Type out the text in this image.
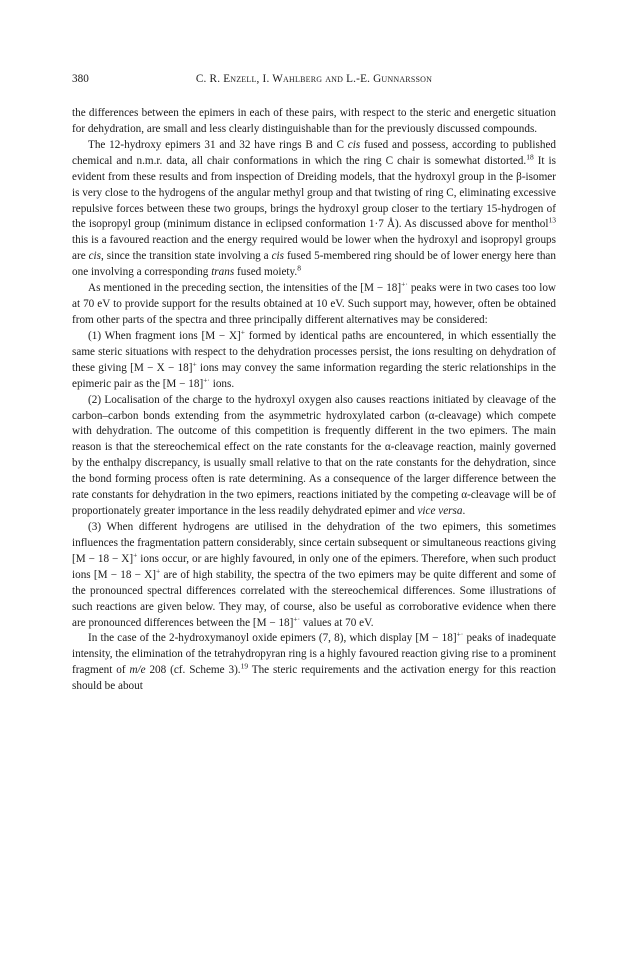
380	C. R. Enzell, I. Wahlberg and L.-E. Gunnarsson

the differences between the epimers in each of these pairs, with respect to the steric and energetic situation for dehydration, are small and less clearly distinguishable than for the previously discussed compounds.

The 12-hydroxy epimers 31 and 32 have rings B and C cis fused and possess, according to published chemical and n.m.r. data, all chair conformations in which the ring C chair is somewhat distorted.$^{18}$ It is evident from these results and from inspection of Dreiding models, that the hydroxyl group in the β-isomer is very close to the hydrogens of the angular methyl group and that twisting of ring C, eliminating excessive repulsive forces between these two groups, brings the hydroxyl group closer to the tertiary 15-hydrogen of the isopropyl group (minimum distance in eclipsed conformation 1·7 Å). As discussed above for menthol$^{13}$ this is a favoured reaction and the energy required would be lower when the hydroxyl and isopropyl groups are cis, since the transition state involving a cis fused 5-membered ring should be of lower energy here than one involving a corresponding trans fused moiety.$^8$

As mentioned in the preceding section, the intensities of the [M − 18]+· peaks were in two cases too low at 70 eV to provide support for the results obtained at 10 eV. Such support may, however, often be obtained from other parts of the spectra and three principally different alternatives may be considered:

(1) When fragment ions [M − X]+ formed by identical paths are encountered, in which essentially the same steric situations with respect to the dehydration processes persist, the ions resulting on dehydration of these giving [M − X − 18]+ ions may convey the same information regarding the steric relationships in the epimeric pair as the [M − 18]+· ions.

(2) Localisation of the charge to the hydroxyl oxygen also causes reactions initiated by cleavage of the carbon–carbon bonds extending from the asymmetric hydroxylated carbon (α-cleavage) which compete with dehydration. The outcome of this competition is frequently different in the two epimers. The main reason is that the stereochemical effect on the rate constants for the α-cleavage reaction, mainly governed by the enthalpy discrepancy, is usually small relative to that on the rate constants for the dehydration, since the bond forming process often is rate determining. As a consequence of the larger difference between the rate constants for dehydration in the two epimers, reactions initiated by the competing α-cleavage will be of proportionately greater importance in the less readily dehydrated epimer and vice versa.

(3) When different hydrogens are utilised in the dehydration of the two epimers, this sometimes influences the fragmentation pattern considerably, since certain subsequent or simultaneous reactions giving [M − 18 − X]+ ions occur, or are highly favoured, in only one of the epimers. Therefore, when such product ions [M − 18 − X]+ are of high stability, the spectra of the two epimers may be quite different and some of the pronounced spectral differences correlated with the stereochemical differences. Some illustrations of such reactions are given below. They may, of course, also be useful as corroborative evidence when there are pronounced differences between the [M − 18]+· values at 70 eV.

In the case of the 2-hydroxymanoyl oxide epimers (7, 8), which display [M − 18]+· peaks of inadequate intensity, the elimination of the tetrahydropyran ring is a highly favoured reaction giving rise to a prominent fragment of m/e 208 (cf. Scheme 3).$^{19}$ The steric requirements and the activation energy for this reaction should be about
